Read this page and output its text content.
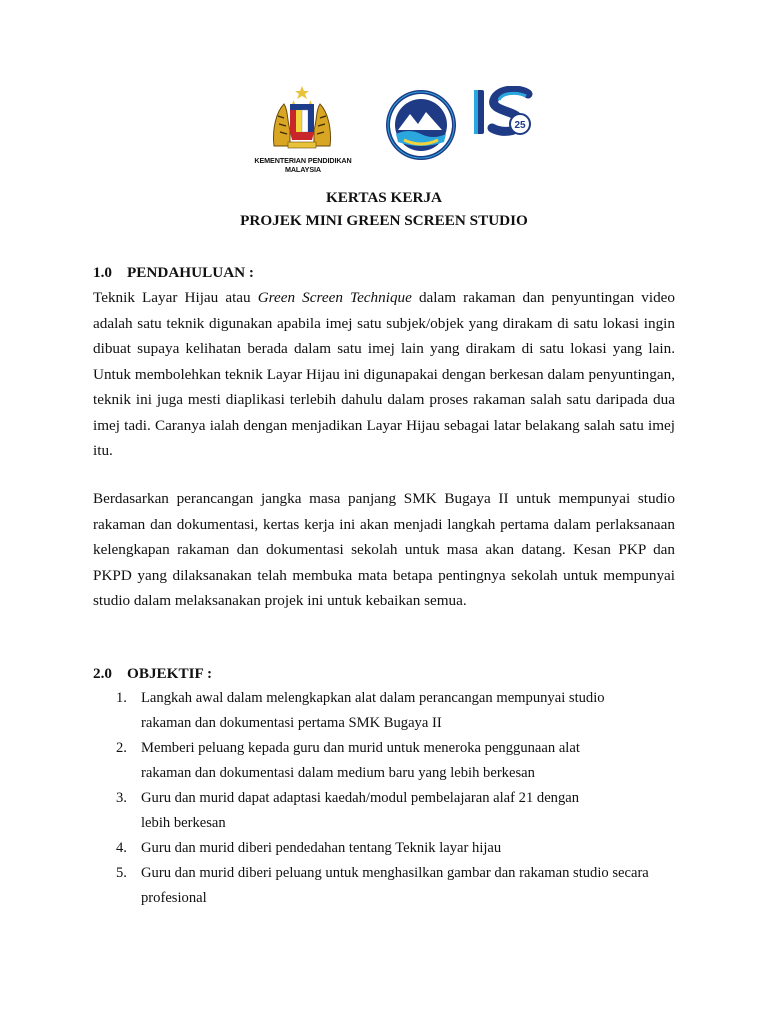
KEMENTERIAN PENDIDIKAN MALAYSIA
25
KERTAS KERJA
PROJEK MINI GREEN SCREEN STUDIO
1.0 PENDAHULUAN :
Teknik Layar Hijau atau Green Screen Technique dalam rakaman dan penyuntingan video adalah satu teknik digunakan apabila imej satu subjek/objek yang dirakam di satu lokasi ingin dibuat supaya kelihatan berada dalam satu imej lain yang dirakam di satu lokasi yang lain. Untuk membolehkan teknik Layar Hijau ini digunapakai dengan berkesan dalam penyuntingan, teknik ini juga mesti diaplikasi terlebih dahulu dalam proses rakaman salah satu daripada dua imej tadi. Caranya ialah dengan menjadikan Layar Hijau sebagai latar belakang salah satu imej itu.
Berdasarkan perancangan jangka masa panjang SMK Bugaya II untuk mempunyai studio rakaman dan dokumentasi, kertas kerja ini akan menjadi langkah pertama dalam perlaksanaan kelengkapan rakaman dan dokumentasi sekolah untuk masa akan datang. Kesan PKP dan PKPD yang dilaksanakan telah membuka mata betapa pentingnya sekolah untuk mempunyai studio dalam melaksanakan projek ini untuk kebaikan semua.
2.0 OBJEKTIF :
1. Langkah awal dalam melengkapkan alat dalam perancangan mempunyai studio
rakaman dan dokumentasi pertama SMK Bugaya II
2. Memberi peluang kepada guru dan murid untuk meneroka penggunaan alat
rakaman dan dokumentasi dalam medium baru yang lebih berkesan
3. Guru dan murid dapat adaptasi kaedah/modul pembelajaran alaf 21 dengan
lebih berkesan
4. Guru dan murid diberi pendedahan tentang Teknik layar hijau
5. Guru dan murid diberi peluang untuk menghasilkan gambar dan rakaman studio secara
profesional
